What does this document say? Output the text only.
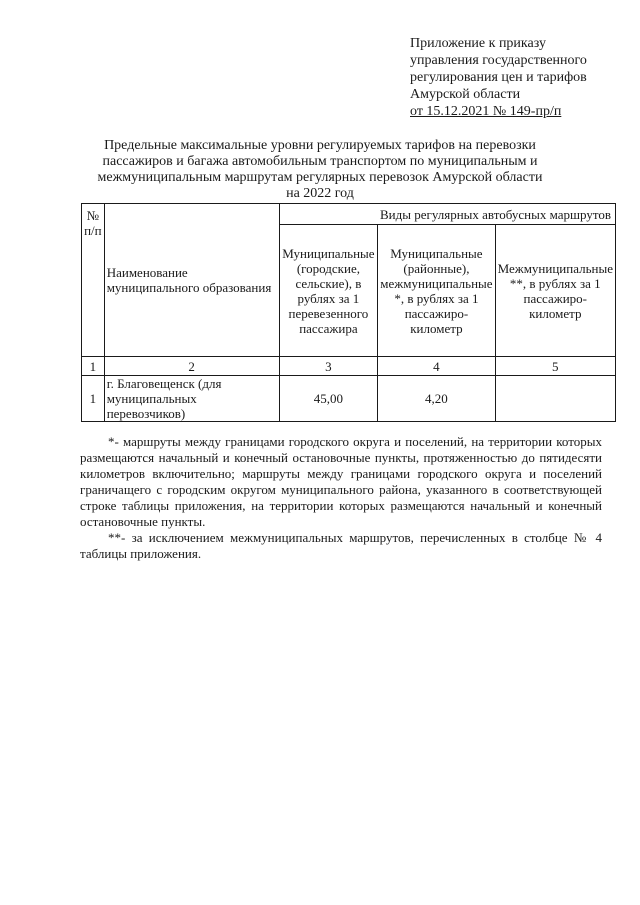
Приложение к приказу
управления государственного
регулирования цен и тарифов
Амурской области
от 15.12.2021 № 149-пр/п
Предельные максимальные уровни регулируемых тарифов на перевозки
пассажиров и багажа автомобильным транспортом по муниципальным и
межмуниципальным маршрутам регулярных перевозок Амурской области
на 2022 год
№ п/п	Наименование муниципального образования	Виды регулярных автобусных маршрутов		
		Муниципальные (городские, сельские), в рублях за 1 перевезенного пассажира	Муниципальные (районные), межмуниципальные *, в рублях за 1 пассажиро-километр	Межмуниципальные **, в рублях за 1 пассажиро-километр
1	2	3	4	5
1	г. Благовещенск (для муниципальных перевозчиков)	45,00	4,20	

*- маршруты между границами городского округа и поселений, на территории которых размещаются начальный и конечный остановочные пункты, протяженностью до пятидесяти километров включительно; маршруты между границами городского округа и поселений граничащего с городским округом муниципального района, указанного в соответствующей строке таблицы приложения, на территории которых размещаются начальный и конечный остановочные пункты.

**- за исключением межмуниципальных маршрутов, перечисленных в столбце № 4 таблицы приложения.
